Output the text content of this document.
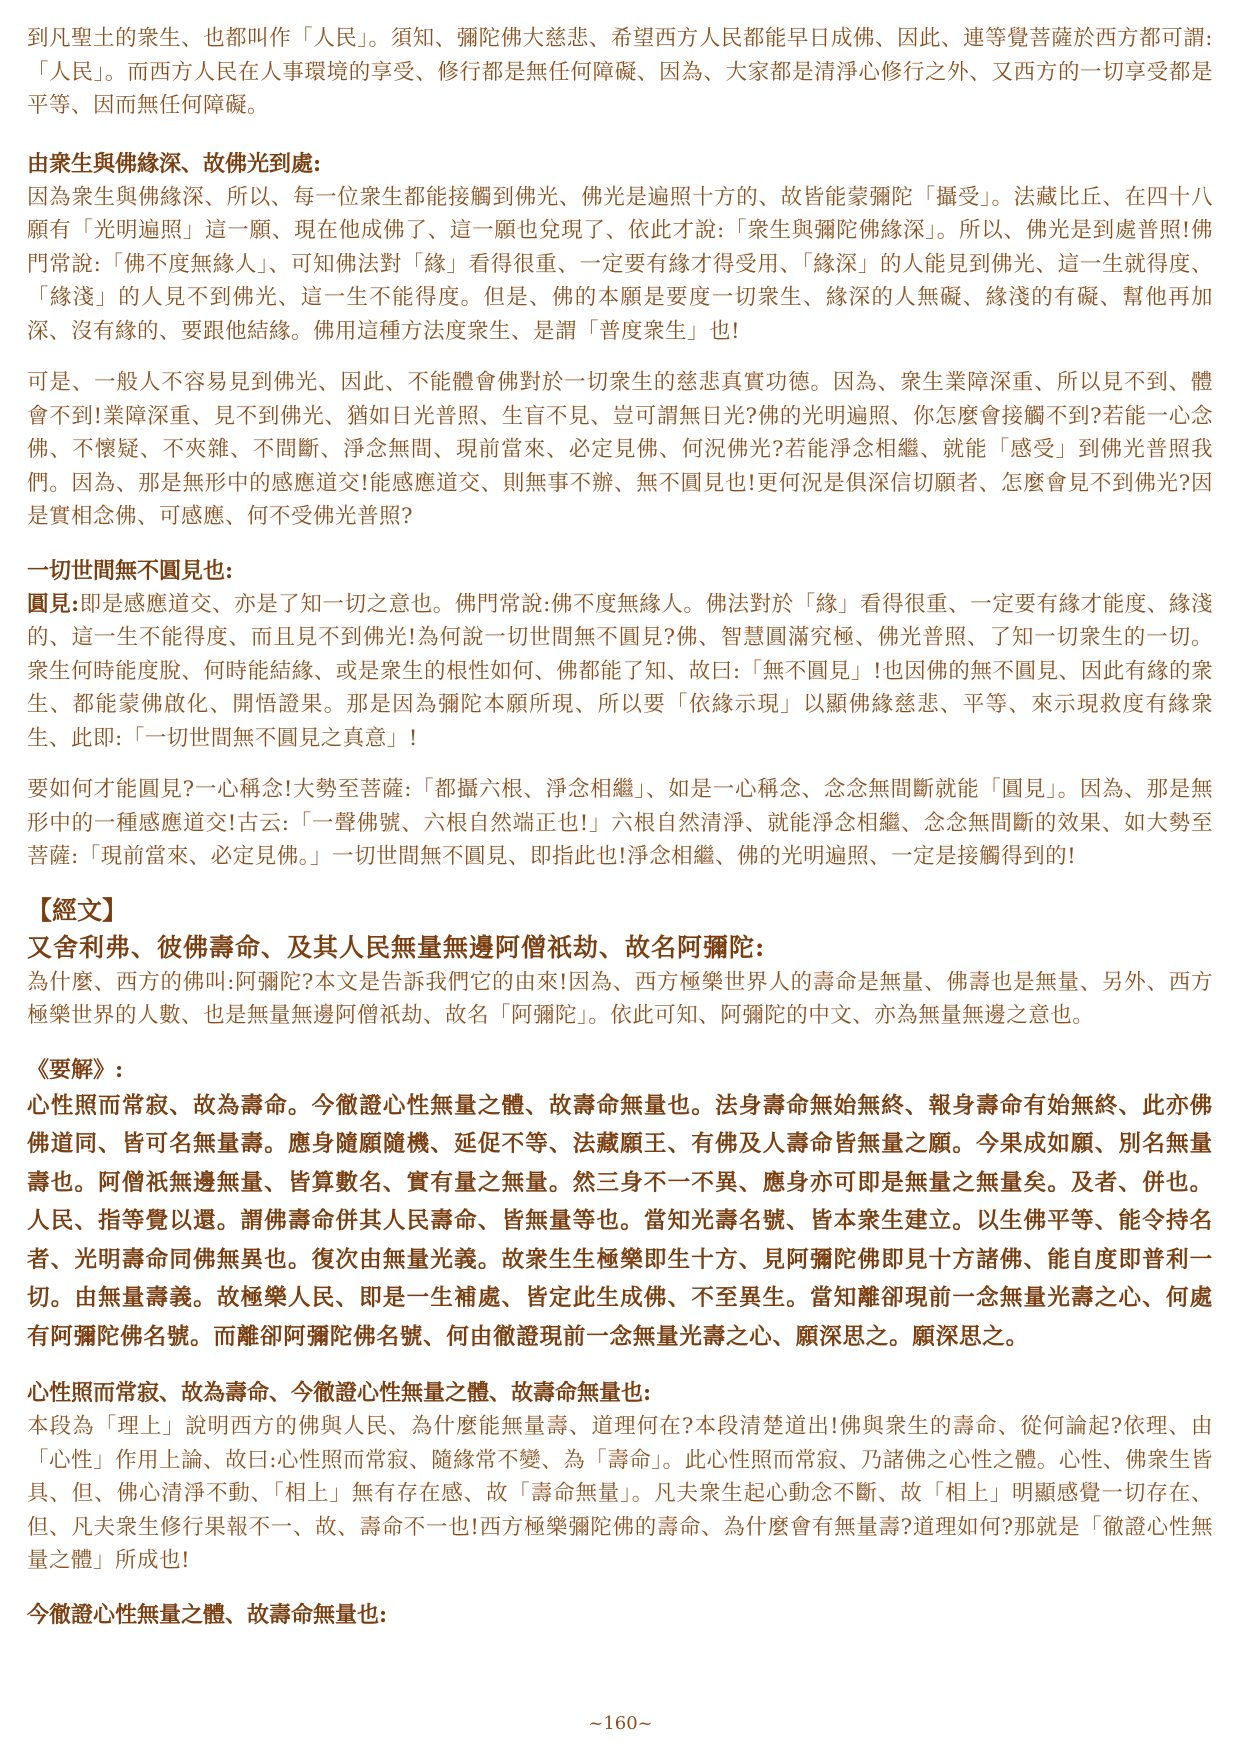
到凡聖土的衆生、也都叫作「人民」。須知、彌陀佛大慈悲、希望西方人民都能早日成佛、因此、連等覺菩薩於西方都可謂:「人民」。而西方人民在人事環境的享受、修行都是無任何障礙、因為、大家都是清淨心修行之外、又西方的一切享受都是平等、因而無任何障礙。

由衆生與佛緣深、故佛光到處:

因為衆生與佛緣深、所以、每一位衆生都能接觸到佛光、佛光是遍照十方的、故皆能蒙彌陀「攝受」。法藏比丘、在四十八願有「光明遍照」這一願、現在他成佛了、這一願也兌現了、依此才說:「衆生與彌陀佛緣深」。所以、佛光是到處普照!佛門常說:「佛不度無緣人」、可知佛法對「緣」看得很重、一定要有緣才得受用、「緣深」的人能見到佛光、這一生就得度、「緣淺」的人見不到佛光、這一生不能得度。但是、佛的本願是要度一切衆生、緣深的人無礙、緣淺的有礙、幫他再加深、沒有緣的、要跟他結緣。佛用這種方法度衆生、是謂「普度衆生」也!

可是、一般人不容易見到佛光、因此、不能體會佛對於一切衆生的慈悲真實功德。因為、衆生業障深重、所以見不到、體會不到!業障深重、見不到佛光、猶如日光普照、生盲不見、豈可謂無日光?佛的光明遍照、你怎麼會接觸不到?若能一心念佛、不懷疑、不夾雜、不間斷、淨念無間、現前當來、必定見佛、何況佛光?若能淨念相繼、就能「感受」到佛光普照我們。因為、那是無形中的感應道交!能感應道交、則無事不辦、無不圓見也!更何況是俱深信切願者、怎麼會見不到佛光?因是實相念佛、可感應、何不受佛光普照?

一切世間無不圓見也:

圓見:即是感應道交、亦是了知一切之意也。佛門常說:佛不度無緣人。佛法對於「緣」看得很重、一定要有緣才能度、緣淺的、這一生不能得度、而且見不到佛光!為何說一切世間無不圓見?佛、智慧圓滿究極、佛光普照、了知一切衆生的一切。衆生何時能度脫、何時能結緣、或是衆生的根性如何、佛都能了知、故曰:「無不圓見」!也因佛的無不圓見、因此有緣的衆生、都能蒙佛啟化、開悟證果。那是因為彌陀本願所現、所以要「依緣示現」以顯佛緣慈悲、平等、來示現救度有緣衆生、此即:「一切世間無不圓見之真意」!

要如何才能圓見?一心稱念!大勢至菩薩:「都攝六根、淨念相繼」、如是一心稱念、念念無間斷就能「圓見」。因為、那是無形中的一種感應道交!古云:「一聲佛號、六根自然端正也!」六根自然清淨、就能淨念相繼、念念無間斷的效果、如大勢至菩薩:「現前當來、必定見佛。」一切世間無不圓見、即指此也!淨念相繼、佛的光明遍照、一定是接觸得到的!

【經文】
又舍利弗、彼佛壽命、及其人民無量無邊阿僧祇劫、故名阿彌陀:

為什麼、西方的佛叫:阿彌陀?本文是告訴我們它的由來!因為、西方極樂世界人的壽命是無量、佛壽也是無量、另外、西方極樂世界的人數、也是無量無邊阿僧祇劫、故名「阿彌陀」。依此可知、阿彌陀的中文、亦為無量無邊之意也。

《要解》:

心性照而常寂、故為壽命。今徹證心性無量之體、故壽命無量也。法身壽命無始無終、報身壽命有始無終、此亦佛佛道同、皆可名無量壽。應身隨願隨機、延促不等、法藏願王、有佛及人壽命皆無量之願。今果成如願、別名無量壽也。阿僧祇無邊無量、皆算數名、實有量之無量。然三身不一不異、應身亦可即是無量之無量矣。及者、併也。人民、指等覺以還。謂佛壽命併其人民壽命、皆無量等也。當知光壽名號、皆本衆生建立。以生佛平等、能令持名者、光明壽命同佛無異也。復次由無量光義。故衆生生極樂即生十方、見阿彌陀佛即見十方諸佛、能自度即普利一切。由無量壽義。故極樂人民、即是一生補處、皆定此生成佛、不至異生。當知離卻現前一念無量光壽之心、何處有阿彌陀佛名號。而離卻阿彌陀佛名號、何由徹證現前一念無量光壽之心、願深思之。願深思之。

心性照而常寂、故為壽命、今徹證心性無量之體、故壽命無量也:

本段為「理上」說明西方的佛與人民、為什麼能無量壽、道理何在?本段清楚道出!佛與衆生的壽命、從何論起?依理、由「心性」作用上論、故曰:心性照而常寂、隨緣常不變、為「壽命」。此心性照而常寂、乃諸佛之心性之體。心性、佛衆生皆具、但、佛心清淨不動、「相上」無有存在感、故「壽命無量」。凡夫衆生起心動念不斷、故「相上」明顯感覺一切存在、但、凡夫衆生修行果報不一、故、壽命不一也!西方極樂彌陀佛的壽命、為什麼會有無量壽?道理如何?那就是「徹證心性無量之體」所成也!

今徹證心性無量之體、故壽命無量也:
~160~
